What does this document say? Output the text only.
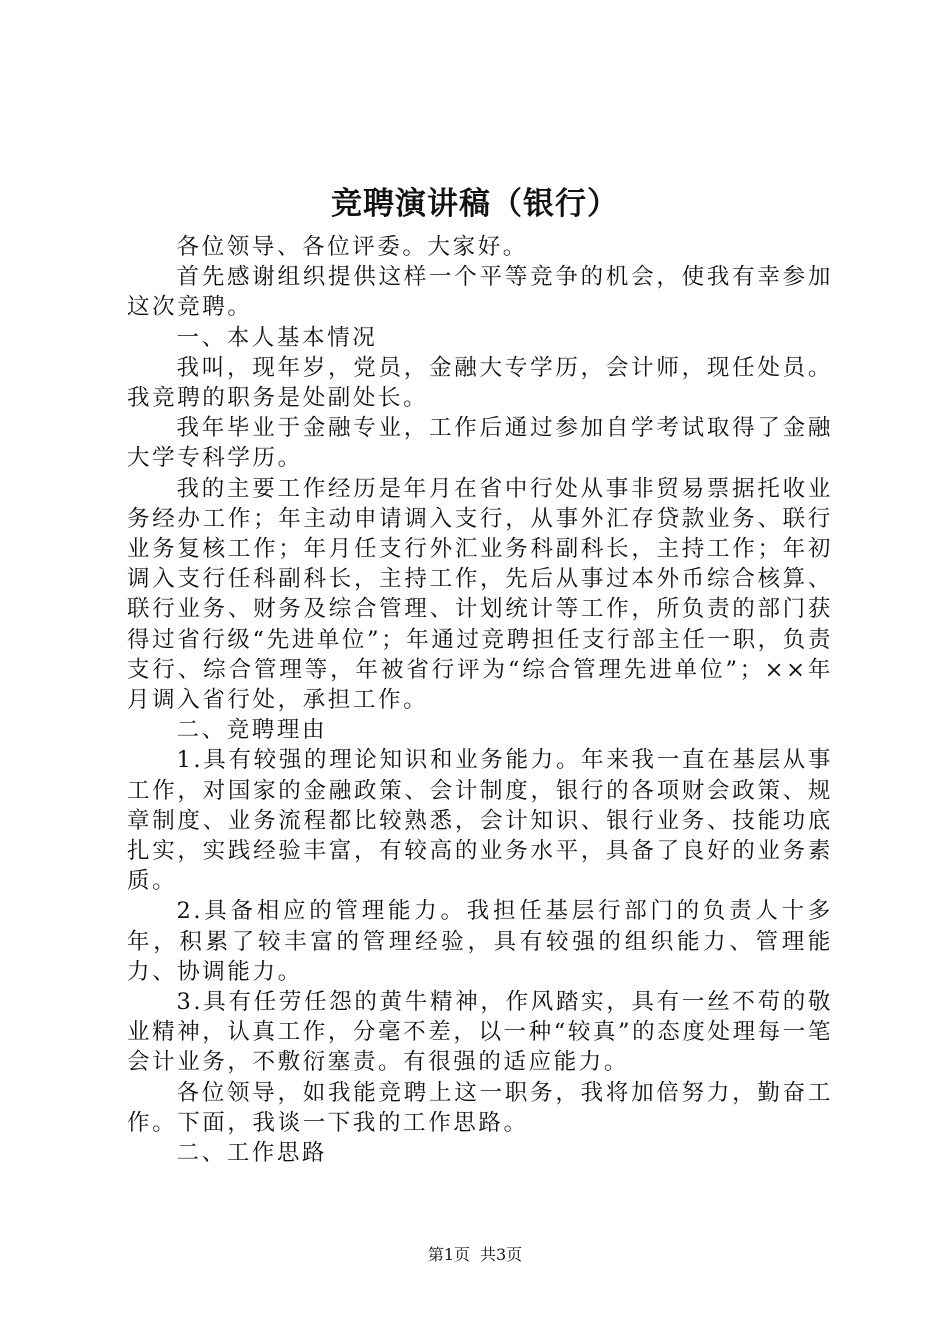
竞聘演讲稿（银行）

各位领导、各位评委。大家好。

首先感谢组织提供这样一个平等竞争的机会，使我有幸参加这次竞聘。

一、本人基本情况

我叫，现年岁，党员，金融大专学历，会计师，现任处员。我竞聘的职务是处副处长。

我年毕业于金融专业，工作后通过参加自学考试取得了金融大学专科学历。

我的主要工作经历是年月在省中行处从事非贸易票据托收业务经办工作；年主动申请调入支行，从事外汇存贷款业务、联行业务复核工作；年月任支行外汇业务科副科长，主持工作；年初调入支行任科副科长，主持工作，先后从事过本外币综合核算、联行业务、财务及综合管理、计划统计等工作，所负责的部门获得过省行级“先进单位”；年通过竞聘担任支行部主任一职，负责支行、综合管理等，年被省行评为“综合管理先进单位”；××年月调入省行处，承担工作。

二、竞聘理由

1.具有较强的理论知识和业务能力。年来我一直在基层从事工作，对国家的金融政策、会计制度，银行的各项财会政策、规章制度、业务流程都比较熟悉，会计知识、银行业务、技能功底扎实，实践经验丰富，有较高的业务水平，具备了良好的业务素质。

2.具备相应的管理能力。我担任基层行部门的负责人十多年，积累了较丰富的管理经验，具有较强的组织能力、管理能力、协调能力。

3.具有任劳任怨的黄牛精神，作风踏实，具有一丝不苟的敬业精神，认真工作，分毫不差，以一种“较真”的态度处理每一笔会计业务，不敷衍塞责。有很强的适应能力。

各位领导，如我能竞聘上这一职务，我将加倍努力，勤奋工作。下面，我谈一下我的工作思路。

二、工作思路

第1页 共3页
